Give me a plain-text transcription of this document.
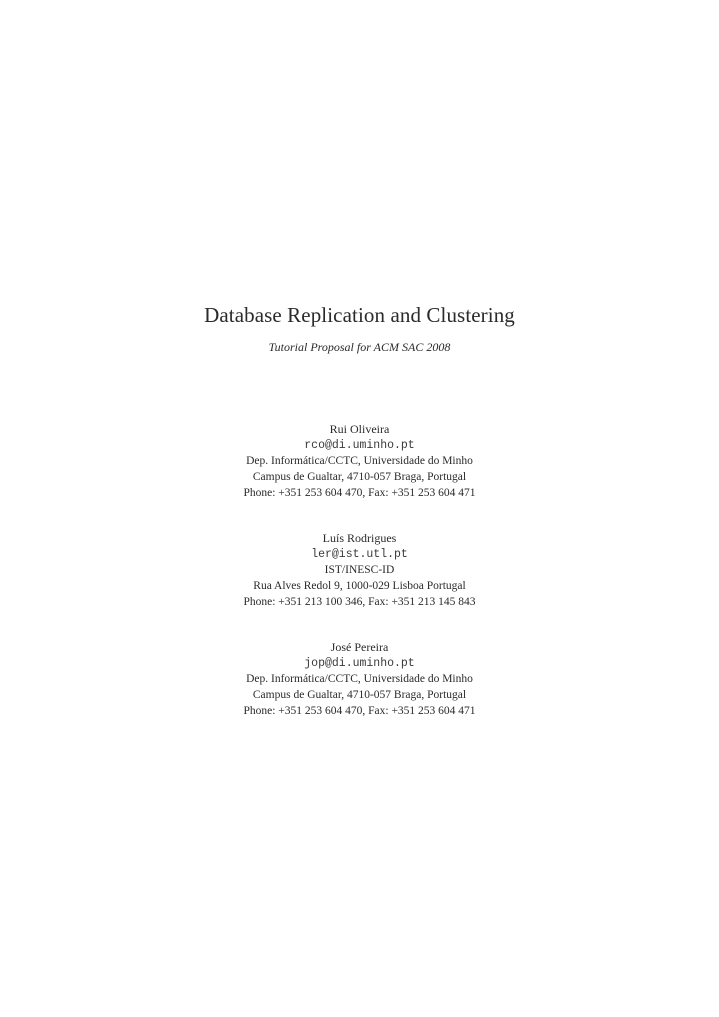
Database Replication and Clustering
Tutorial Proposal for ACM SAC 2008
Rui Oliveira
rco@di.uminho.pt
Dep. Informática/CCTC, Universidade do Minho
Campus de Gualtar, 4710-057 Braga, Portugal
Phone: +351 253 604 470, Fax: +351 253 604 471
Luís Rodrigues
ler@ist.utl.pt
IST/INESC-ID
Rua Alves Redol 9, 1000-029 Lisboa Portugal
Phone: +351 213 100 346, Fax: +351 213 145 843
José Pereira
jop@di.uminho.pt
Dep. Informática/CCTC, Universidade do Minho
Campus de Gualtar, 4710-057 Braga, Portugal
Phone: +351 253 604 470, Fax: +351 253 604 471
